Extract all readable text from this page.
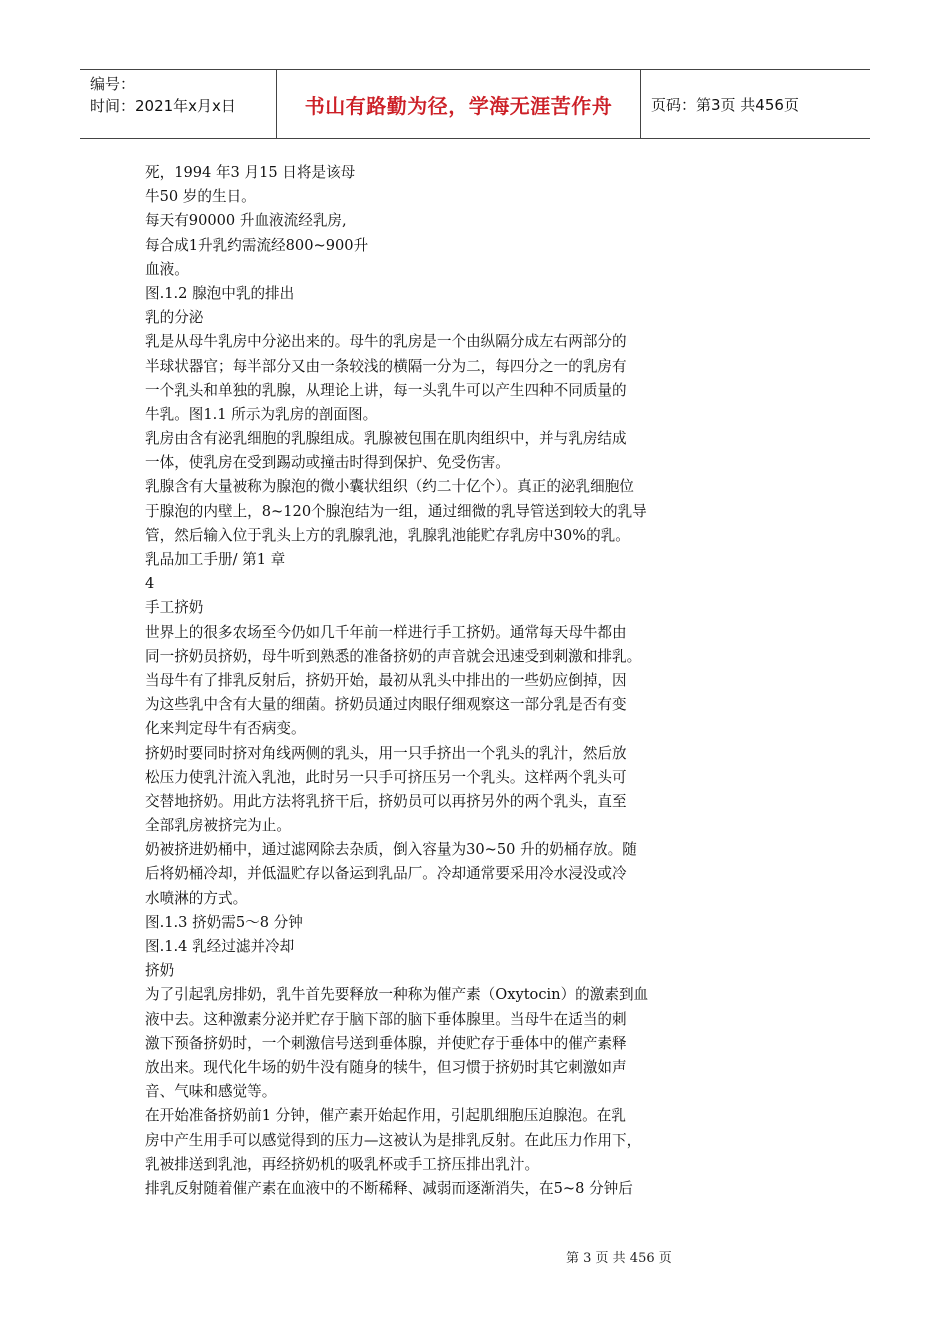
编号：
时间：2021年x月x日	书山有路勤为径，学海无涯苦作舟	页码：第3页 共456页
死，1994 年3 月15 日将是该母
牛50 岁的生日。
每天有90000 升血液流经乳房,
每合成1升乳约需流经800~900升
血液。
图.1.2 腺泡中乳的排出
乳的分泌
乳是从母牛乳房中分泌出来的。母牛的乳房是一个由纵隔分成左右两部分的
半球状器官；每半部分又由一条较浅的横隔一分为二，每四分之一的乳房有
一个乳头和单独的乳腺，从理论上讲，每一头乳牛可以产生四种不同质量的
牛乳。图1.1 所示为乳房的剖面图。
乳房由含有泌乳细胞的乳腺组成。乳腺被包围在肌肉组织中，并与乳房结成
一体，使乳房在受到踢动或撞击时得到保护、免受伤害。
乳腺含有大量被称为腺泡的微小囊状组织（约二十亿个）。真正的泌乳细胞位
于腺泡的内壁上，8~120个腺泡结为一组，通过细微的乳导管送到较大的乳导
管，然后输入位于乳头上方的乳腺乳池，乳腺乳池能贮存乳房中30%的乳。
乳品加工手册/ 第1 章
4
手工挤奶
世界上的很多农场至今仍如几千年前一样进行手工挤奶。通常每天母牛都由
同一挤奶员挤奶，母牛听到熟悉的准备挤奶的声音就会迅速受到刺激和排乳。
当母牛有了排乳反射后，挤奶开始，最初从乳头中排出的一些奶应倒掉，因
为这些乳中含有大量的细菌。挤奶员通过肉眼仔细观察这一部分乳是否有变
化来判定母牛有否病变。
挤奶时要同时挤对角线两侧的乳头，用一只手挤出一个乳头的乳汁，然后放
松压力使乳汁流入乳池，此时另一只手可挤压另一个乳头。这样两个乳头可
交替地挤奶。用此方法将乳挤干后，挤奶员可以再挤另外的两个乳头，直至
全部乳房被挤完为止。
奶被挤进奶桶中，通过滤网除去杂质，倒入容量为30~50 升的奶桶存放。随
后将奶桶冷却，并低温贮存以备运到乳品厂。冷却通常要采用冷水浸没或冷
水喷淋的方式。
图.1.3 挤奶需5～8 分钟
图.1.4 乳经过滤并冷却
挤奶
为了引起乳房排奶，乳牛首先要释放一种称为催产素（Oxytocin）的激素到血
液中去。这种激素分泌并贮存于脑下部的脑下垂体腺里。当母牛在适当的刺
激下预备挤奶时，一个刺激信号送到垂体腺，并使贮存于垂体中的催产素释
放出来。现代化牛场的奶牛没有随身的犊牛，但习惯于挤奶时其它刺激如声
音、气味和感觉等。
在开始准备挤奶前1 分钟，催产素开始起作用，引起肌细胞压迫腺泡。在乳
房中产生用手可以感觉得到的压力—这被认为是排乳反射。在此压力作用下，
乳被排送到乳池，再经挤奶机的吸乳杯或手工挤压排出乳汁。
排乳反射随着催产素在血液中的不断稀释、减弱而逐渐消失，在5~8 分钟后
第 3 页 共 456 页
